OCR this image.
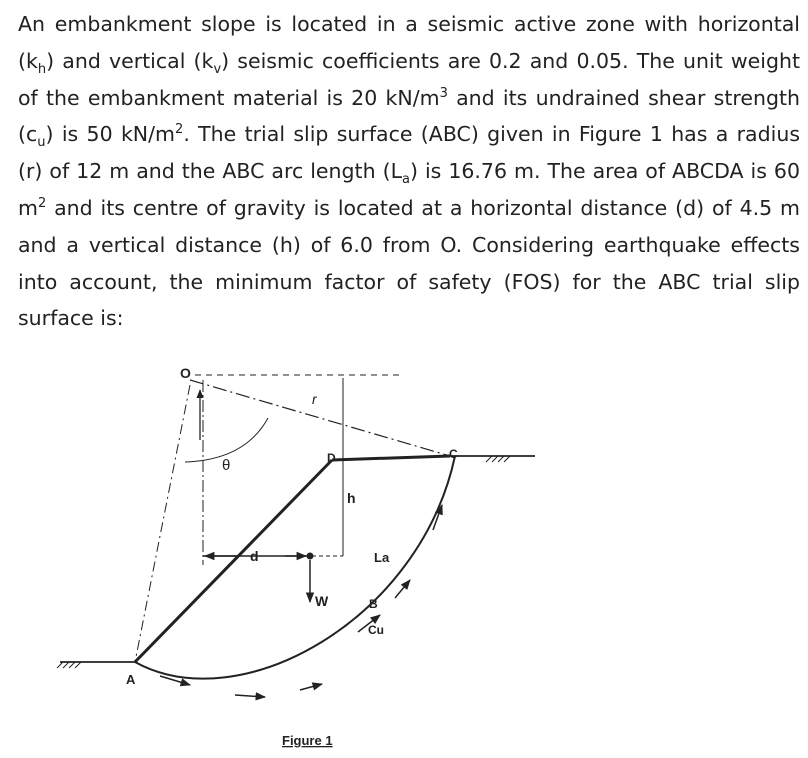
An embankment slope is located in a seismic active zone with horizontal $(k_h)$ and vertical $(k_v)$ seismic coefficients are 0.2 and 0.05. The unit weight of the embankment material is 20 $kN/m^3$ and its undrained shear strength $(c_u)$ is 50 $kN/m^2$. The trial slip surface (ABC) given in Figure 1 has a radius (r) of 12 m and the ABC arc length $(L_a)$ is 16.76 m. The area of ABCDA is 60 $m^2$ and its centre of gravity is located at a horizontal distance (d) of 4.5 m and a vertical distance (h) of 6.0 from O. Considering earthquake effects into account, the minimum factor of safety (FOS) for the ABC trial slip surface is:

O
r
θ	D	C
h
d
W	B
La
Cu
A
Figure 1
